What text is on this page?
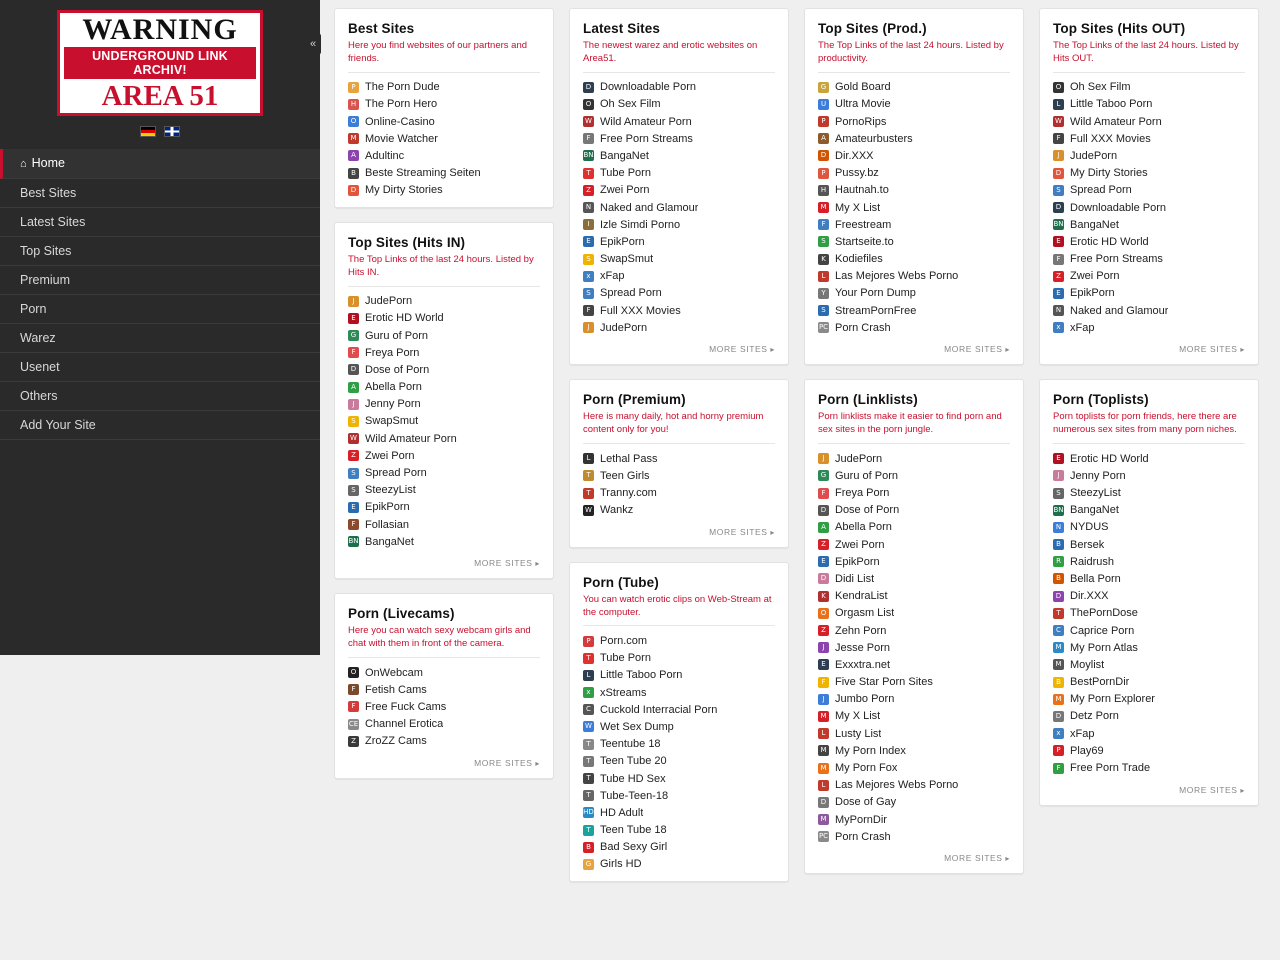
WARNING
UNDERGROUND LINK ARCHIV!
AREA 51
⌂ Home
Best Sites
Latest Sites
Top Sites
Premium
Porn
Warez
Usenet
Others
Add Your Site
«
Best Sites

Here you find websites of our partners and friends.

P The Porn Dude
H The Porn Hero
O Online-Casino
M Movie Watcher
A Adultinc
B Beste Streaming Seiten
D My Dirty Stories
Top Sites (Hits IN)

The Top Links of the last 24 hours. Listed by Hits IN.

J JudePorn
E Erotic HD World
G Guru of Porn
F Freya Porn
D Dose of Porn
A Abella Porn
J Jenny Porn
S SwapSmut
W Wild Amateur Porn
Z Zwei Porn
S Spread Porn
S SteezyList
E EpikPorn
F Follasian
BN BangaNet
MORE SITES ▸
Porn (Livecams)

Here you can watch sexy webcam girls and chat with them in front of the camera.

O OnWebcam
F Fetish Cams
F Free Fuck Cams
CE Channel Erotica
Z ZroZZ Cams
MORE SITES ▸
Latest Sites

The newest warez and erotic websites on Area51.

D Downloadable Porn
O Oh Sex Film
W Wild Amateur Porn
F Free Porn Streams
BN BangaNet
T Tube Porn
Z Zwei Porn
N Naked and Glamour
I Izle Simdi Porno
E EpikPorn
S SwapSmut
x xFap
S Spread Porn
F Full XXX Movies
J JudePorn
MORE SITES ▸
Porn (Premium)

Here is many daily, hot and horny premium content only for you!

L Lethal Pass
T Teen Girls
T Tranny.com
W Wankz
MORE SITES ▸
Porn (Tube)

You can watch erotic clips on Web-Stream at the computer.

P Porn.com
T Tube Porn
L Little Taboo Porn
x xStreams
C Cuckold Interracial Porn
W Wet Sex Dump
T Teentube 18
T Teen Tube 20
T Tube HD Sex
T Tube-Teen-18
HD HD Adult
T Teen Tube 18
B Bad Sexy Girl
G Girls HD
Top Sites (Prod.)

The Top Links of the last 24 hours. Listed by productivity.

G Gold Board
U Ultra Movie
P PornoRips
A Amateurbusters
D Dir.XXX
P Pussy.bz
H Hautnah.to
M My X List
F Freestream
S Startseite.to
K Kodiefiles
L Las Mejores Webs Porno
Y Your Porn Dump
S StreamPornFree
PC Porn Crash
MORE SITES ▸
Porn (Linklists)

Porn linklists make it easier to find porn and sex sites in the porn jungle.

J JudePorn
G Guru of Porn
F Freya Porn
D Dose of Porn
A Abella Porn
Z Zwei Porn
E EpikPorn
D Didi List
K KendraList
O Orgasm List
Z Zehn Porn
J Jesse Porn
E Exxxtra.net
F Five Star Porn Sites
J Jumbo Porn
M My X List
L Lusty List
M My Porn Index
M My Porn Fox
L Las Mejores Webs Porno
D Dose of Gay
M MyPornDir
PC Porn Crash
MORE SITES ▸
Top Sites (Hits OUT)

The Top Links of the last 24 hours. Listed by Hits OUT.

O Oh Sex Film
L Little Taboo Porn
W Wild Amateur Porn
F Full XXX Movies
J JudePorn
D My Dirty Stories
S Spread Porn
D Downloadable Porn
BN BangaNet
E Erotic HD World
F Free Porn Streams
Z Zwei Porn
E EpikPorn
N Naked and Glamour
x xFap
MORE SITES ▸
Porn (Toplists)

Porn toplists for porn friends, here there are numerous sex sites from many porn niches.

E Erotic HD World
J Jenny Porn
S SteezyList
BN BangaNet
N NYDUS
B Bersek
R Raidrush
B Bella Porn
D Dir.XXX
T ThePornDose
C Caprice Porn
M My Porn Atlas
M Moylist
B BestPornDir
M My Porn Explorer
D Detz Porn
x xFap
P Play69
F Free Porn Trade
MORE SITES ▸
